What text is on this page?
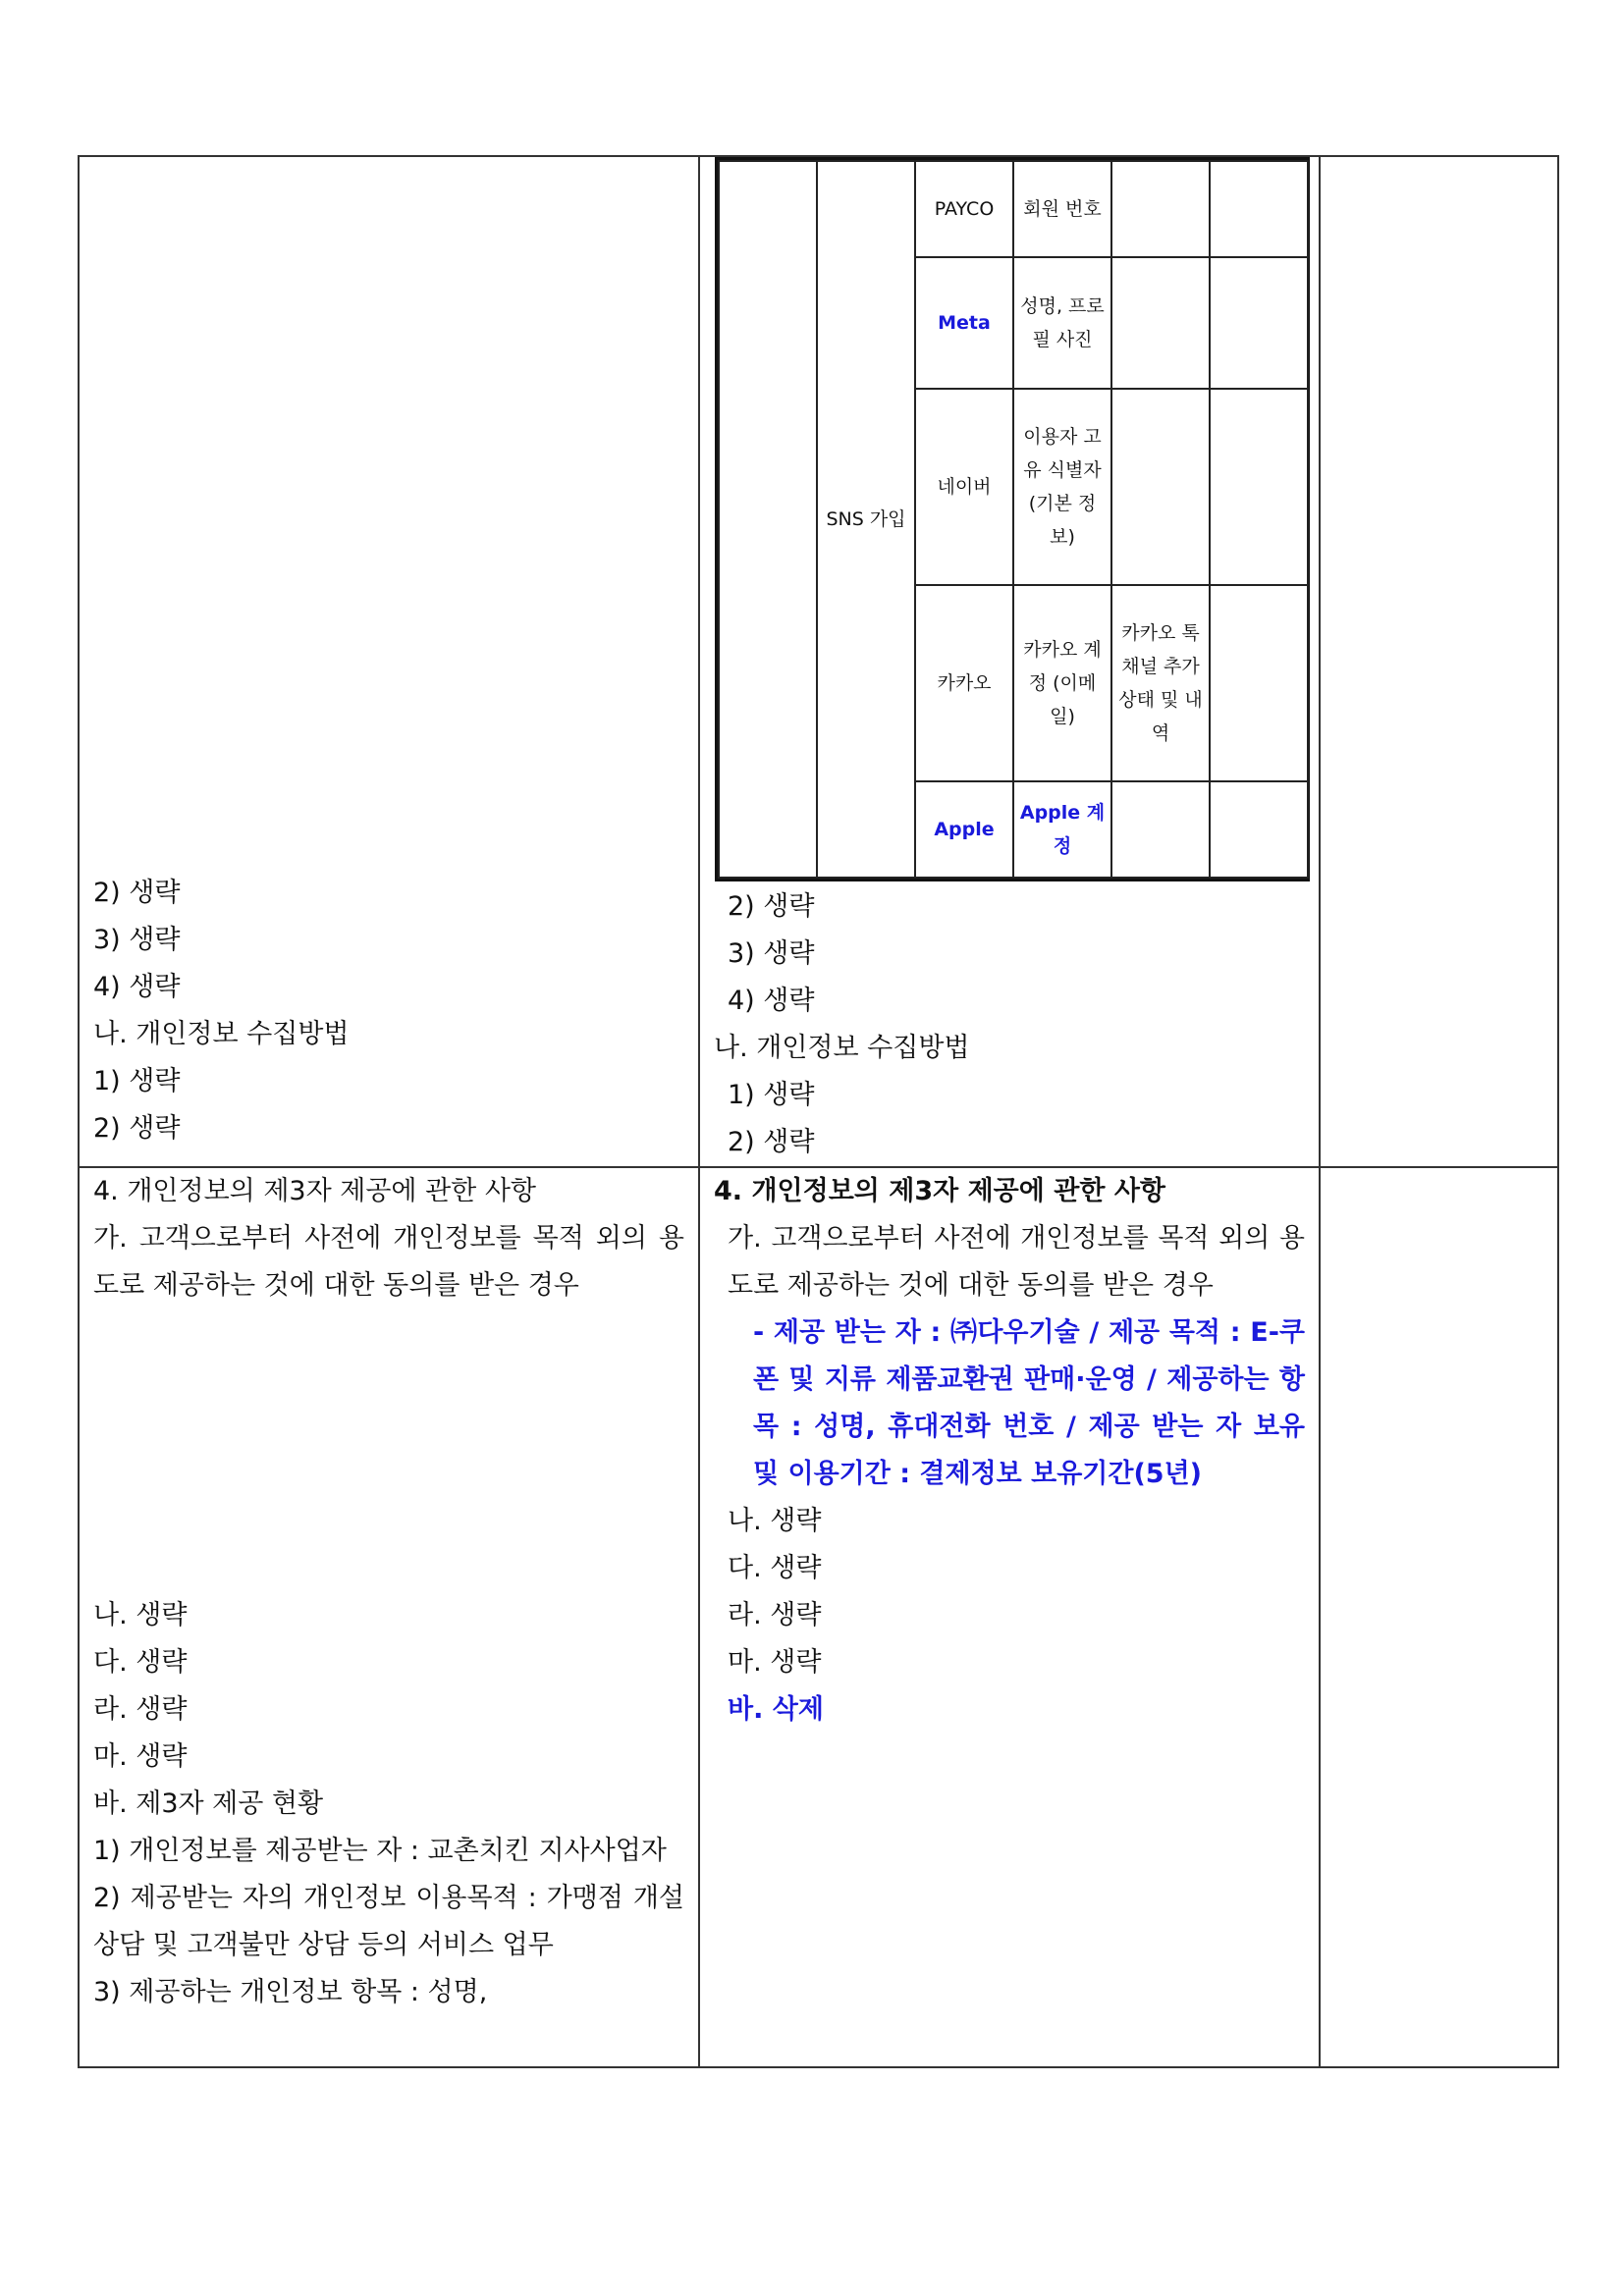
2) 생략
3) 생략
4) 생략
나. 개인정보 수집방법
1) 생략
2) 생략

	SNS 가입	PAYCO	회원 번호		
Meta	성명, 프로필 사진		
네이버	이용자 고유 식별자 (기본 정보)		
카카오	카카오 계정 (이메일)	카카오 톡 채널 추가 상태 및 내역	
Apple	Apple 계정		
2) 생략
3) 생략
4) 생략
나. 개인정보 수집방법
1) 생략
2) 생략

4. 개인정보의 제3자 제공에 관한 사항
가. 고객으로부터 사전에 개인정보를 목적 외의 용도로 제공하는 것에 대한 동의를 받은 경우
나. 생략
다. 생략
라. 생략
마. 생략
바. 제3자 제공 현황
1) 개인정보를 제공받는 자 : 교촌치킨 지사사업자
2) 제공받는 자의 개인정보 이용목적 : 가맹점 개설상담 및 고객불만 상담 등의 서비스 업무
3) 제공하는 개인정보 항목 : 성명,

4. 개인정보의 제3자 제공에 관한 사항
가. 고객으로부터 사전에 개인정보를 목적 외의 용도로 제공하는 것에 대한 동의를 받은 경우
- 제공 받는 자 : ㈜다우기술 / 제공 목적 : E-쿠폰 및 지류 제품교환권 판매·운영 / 제공하는 항목 : 성명, 휴대전화 번호 / 제공 받는 자 보유 및 이용기간 : 결제정보 보유기간(5년)
나. 생략
다. 생략
라. 생략
마. 생략
바. 삭제
